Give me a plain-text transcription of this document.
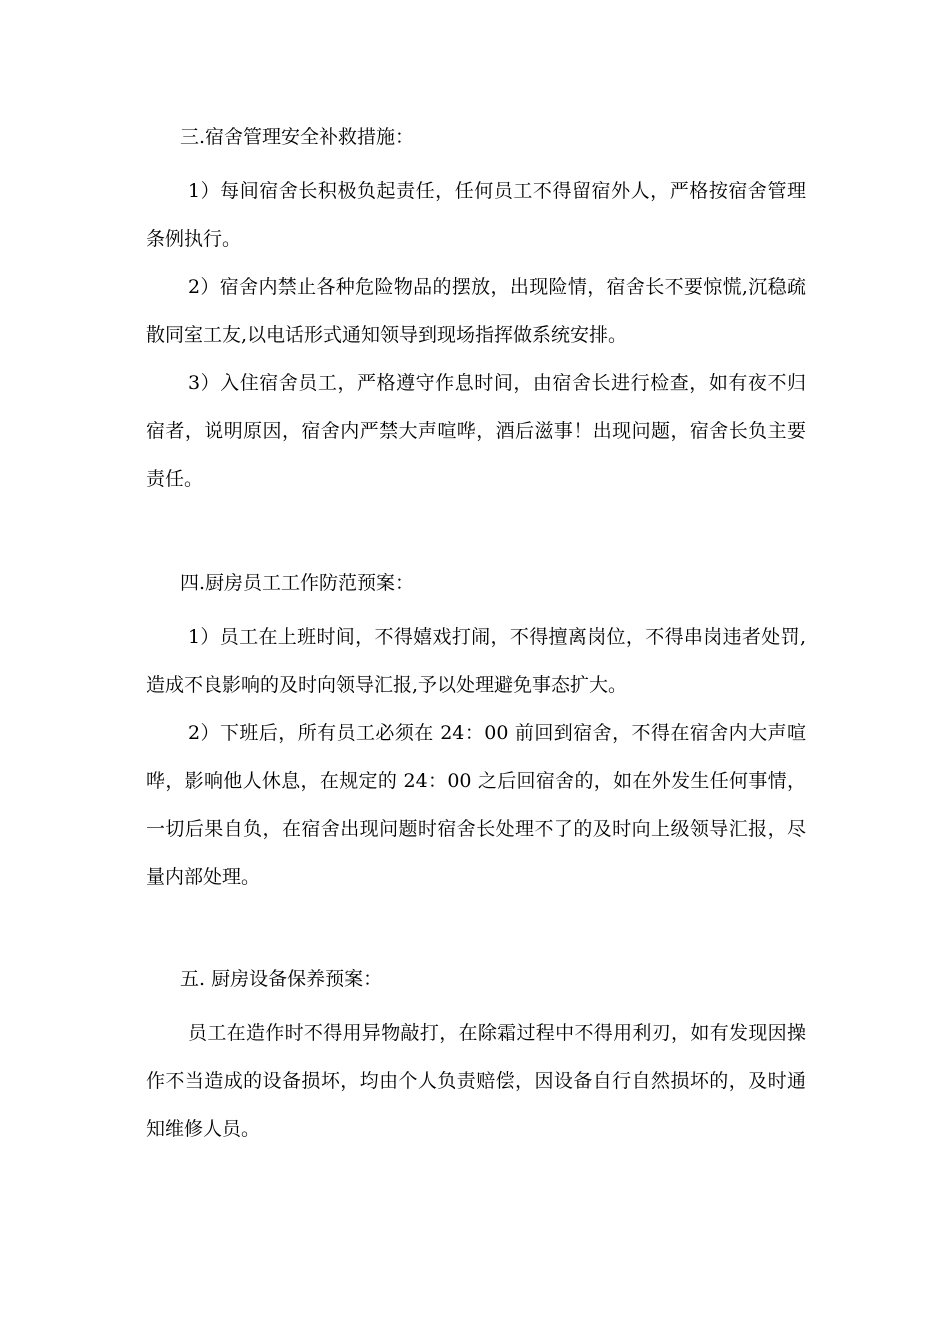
三.宿舍管理安全补救措施：

1）每间宿舍长积极负起责任，任何员工不得留宿外人，严格按宿舍管理条例执行。

2）宿舍内禁止各种危险物品的摆放，出现险情，宿舍长不要惊慌,沉稳疏散同室工友,以电话形式通知领导到现场指挥做系统安排。

3）入住宿舍员工，严格遵守作息时间，由宿舍长进行检查，如有夜不归宿者，说明原因，宿舍内严禁大声喧哗，酒后滋事！出现问题，宿舍长负主要责任。

四.厨房员工工作防范预案：

1）员工在上班时间，不得嬉戏打闹，不得擅离岗位，不得串岗违者处罚,造成不良影响的及时向领导汇报,予以处理避免事态扩大。

2）下班后，所有员工必须在 24：00 前回到宿舍，不得在宿舍内大声喧哗，影响他人休息，在规定的 24：00 之后回宿舍的，如在外发生任何事情，一切后果自负，在宿舍出现问题时宿舍长处理不了的及时向上级领导汇报，尽量内部处理。

五. 厨房设备保养预案：

员工在造作时不得用异物敲打，在除霜过程中不得用利刃，如有发现因操作不当造成的设备损坏，均由个人负责赔偿，因设备自行自然损坏的，及时通知维修人员。
